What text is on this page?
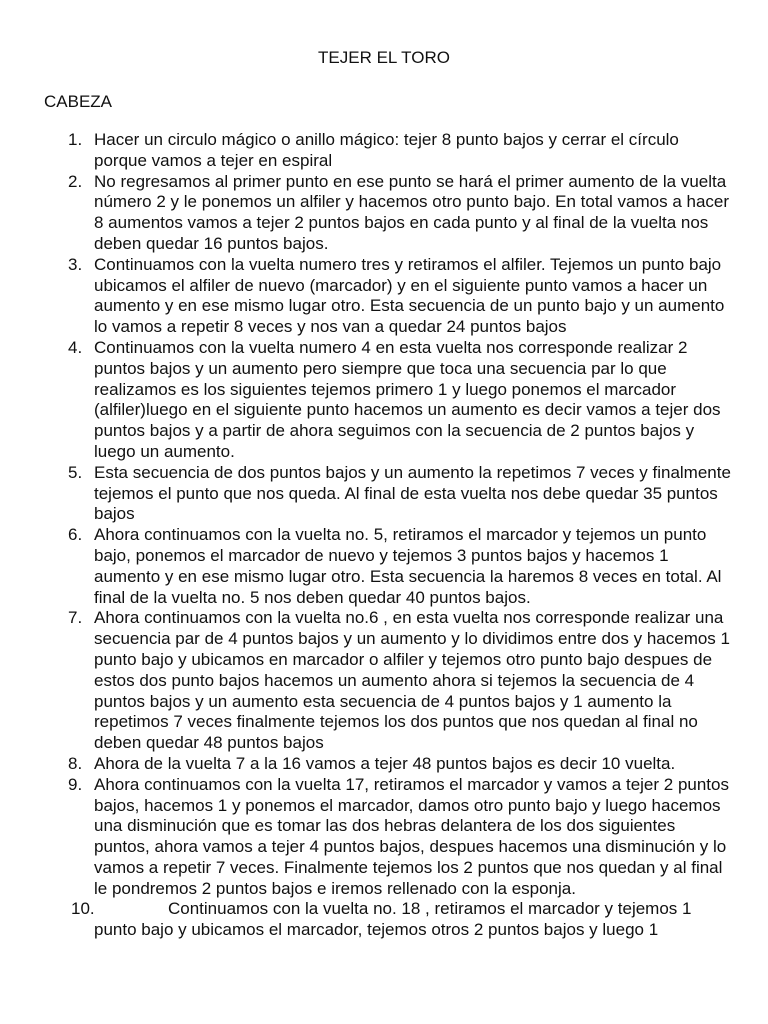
TEJER EL TORO
CABEZA
1. Hacer un circulo mágico o anillo mágico: tejer 8 punto bajos y cerrar el círculo porque vamos a tejer en espiral
2. No regresamos al primer punto en ese punto se hará el primer aumento de la vuelta número 2 y le ponemos un alfiler y hacemos otro punto bajo. En total vamos a hacer 8 aumentos vamos a tejer 2 puntos bajos en cada punto y al final de la vuelta nos deben quedar 16 puntos bajos.
3. Continuamos con la vuelta numero tres y retiramos el alfiler. Tejemos un punto bajo ubicamos el alfiler de nuevo (marcador) y en el siguiente punto vamos a hacer un aumento y en ese mismo lugar otro. Esta secuencia de un punto bajo y un aumento lo vamos a repetir 8 veces y nos van a quedar 24 puntos bajos
4. Continuamos con la vuelta numero 4 en esta vuelta nos corresponde realizar 2 puntos bajos y un aumento pero siempre que toca una secuencia par lo que realizamos es los siguientes tejemos primero 1 y luego ponemos el marcador (alfiler)luego en el siguiente punto hacemos un aumento es decir vamos a tejer dos puntos bajos y a partir de ahora seguimos con la secuencia de 2 puntos bajos y luego un aumento.
5. Esta secuencia de dos puntos bajos y un aumento la repetimos 7 veces y finalmente tejemos el punto que nos queda. Al final de esta vuelta nos debe quedar 35 puntos bajos
6. Ahora continuamos con la vuelta no. 5, retiramos el marcador y tejemos un punto bajo, ponemos el marcador de nuevo y tejemos 3 puntos bajos y hacemos 1 aumento y en ese mismo lugar otro. Esta secuencia la haremos 8 veces en total. Al final de la vuelta no. 5 nos deben quedar 40 puntos bajos.
7. Ahora continuamos con la vuelta no.6 , en esta vuelta nos corresponde realizar una secuencia par de 4 puntos bajos y un aumento y lo dividimos entre dos y hacemos 1 punto bajo y ubicamos en marcador o alfiler y tejemos otro punto bajo despues de estos dos punto bajos hacemos un aumento ahora si tejemos la secuencia de 4 puntos bajos y un aumento esta secuencia de 4 puntos bajos y 1 aumento la repetimos 7 veces finalmente tejemos los dos puntos que nos quedan al final no deben quedar 48 puntos bajos
8. Ahora de la vuelta 7 a la 16 vamos a tejer 48 puntos bajos es decir 10 vuelta.
9. Ahora continuamos con la vuelta 17, retiramos el marcador y vamos a tejer 2 puntos bajos, hacemos 1 y ponemos el marcador, damos otro punto bajo y luego hacemos una disminución que es tomar las dos hebras delantera de los dos siguientes puntos, ahora vamos a tejer 4 puntos bajos, despues hacemos una disminución y lo vamos a repetir 7 veces. Finalmente tejemos los 2 puntos que nos quedan y al final le pondremos 2 puntos bajos e iremos rellenado con la esponja.
10.	Continuamos con la vuelta no. 18 , retiramos el marcador y tejemos 1 punto bajo y ubicamos el marcador, tejemos otros 2 puntos bajos y luego 1
